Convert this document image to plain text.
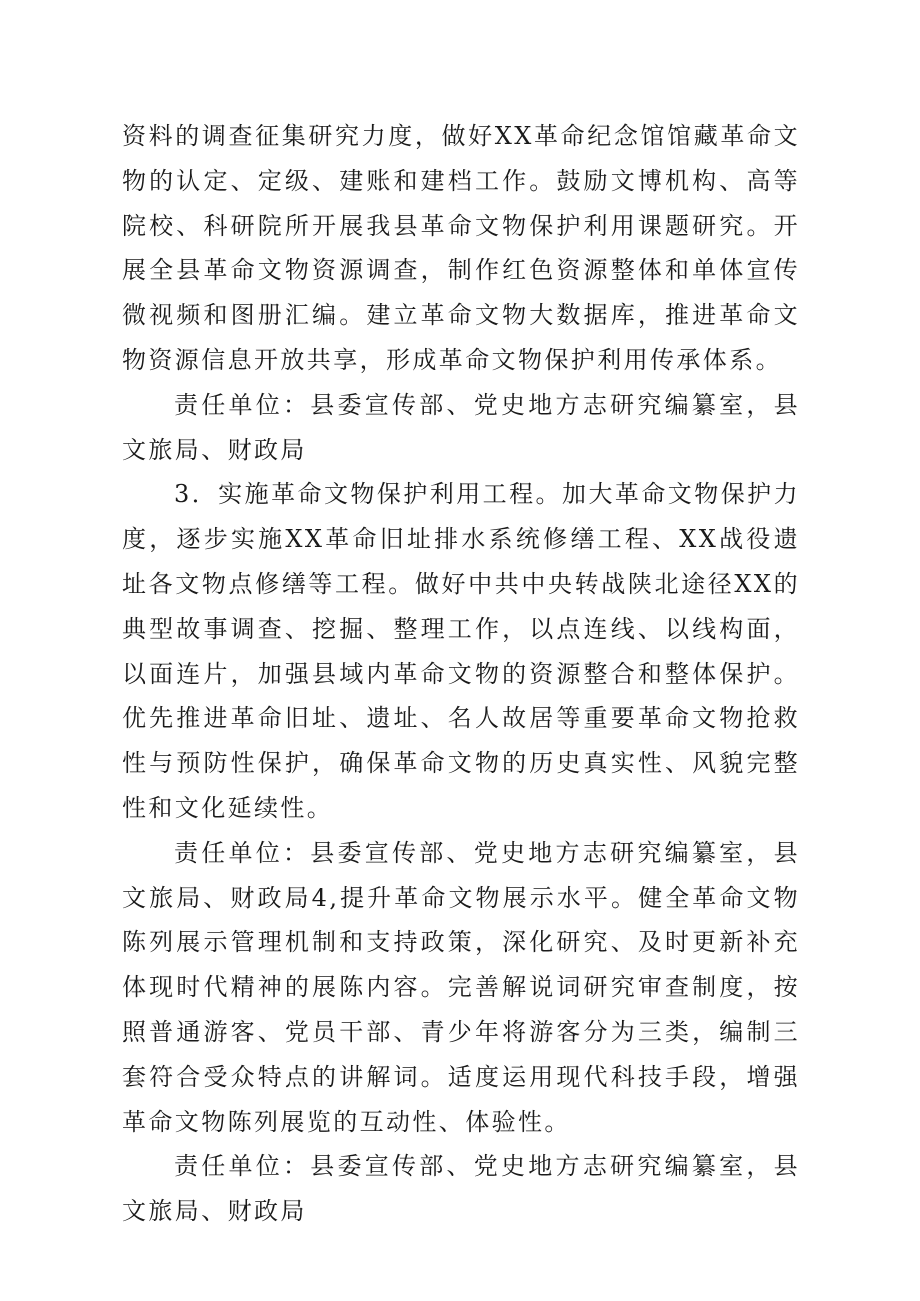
资料的调查征集研究力度，做好XX革命纪念馆馆藏革命文物的认定、定级、建账和建档工作。鼓励文博机构、高等院校、科研院所开展我县革命文物保护利用课题研究。开展全县革命文物资源调查，制作红色资源整体和单体宣传微视频和图册汇编。建立革命文物大数据库，推进革命文物资源信息开放共享，形成革命文物保护利用传承体系。

责任单位：县委宣传部、党史地方志研究编纂室，县文旅局、财政局

3．实施革命文物保护利用工程。加大革命文物保护力度，逐步实施XX革命旧址排水系统修缮工程、XX战役遗址各文物点修缮等工程。做好中共中央转战陕北途径XX的典型故事调查、挖掘、整理工作，以点连线、以线构面，以面连片，加强县域内革命文物的资源整合和整体保护。优先推进革命旧址、遗址、名人故居等重要革命文物抢救性与预防性保护，确保革命文物的历史真实性、风貌完整性和文化延续性。

责任单位：县委宣传部、党史地方志研究编纂室，县文旅局、财政局4,提升革命文物展示水平。健全革命文物陈列展示管理机制和支持政策，深化研究、及时更新补充体现时代精神的展陈内容。完善解说词研究审查制度，按照普通游客、党员干部、青少年将游客分为三类，编制三套符合受众特点的讲解词。适度运用现代科技手段，增强革命文物陈列展览的互动性、体验性。

责任单位：县委宣传部、党史地方志研究编纂室，县文旅局、财政局
